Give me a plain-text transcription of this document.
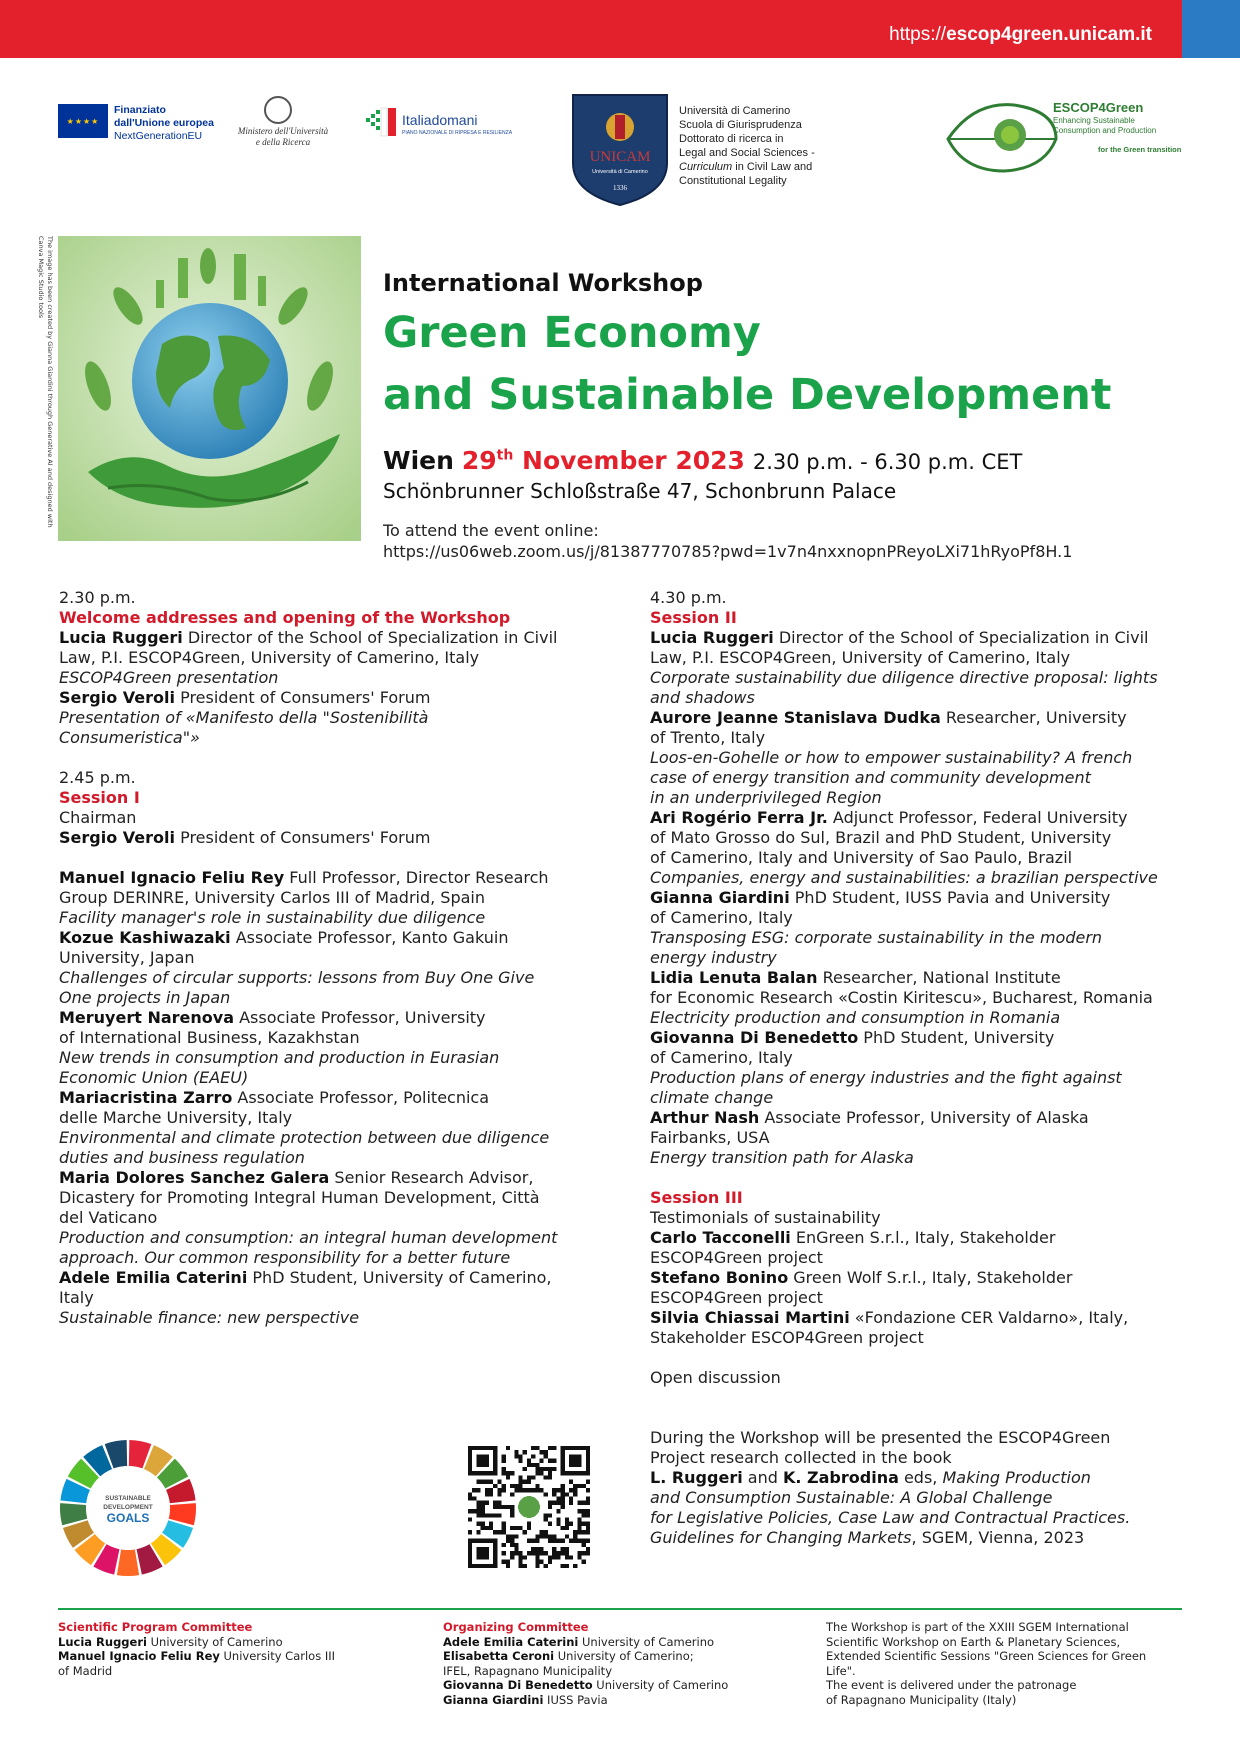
https://escop4green.unicam.it
★★★★
Finanziato
dall'Unione europea
NextGenerationEU	Ministero dell'Università
e della Ricerca
Italiadomani
PIANO NAZIONALE DI RIPRESA E RESILIENZA
UNICAM
Università di Camerino
1336
Università di Camerino
Scuola di Giurisprudenza
Dottorato di ricerca in
Legal and Social Sciences -
Curriculum in Civil Law and
Constitutional Legality
ESCOP4Green
Enhancing Sustainable
Consumption and Production
for the Green transition
The image has been created by Gianna Giardini through Generative AI and designed with Canva Magic Studio tools	International Workshop
Green Economy
and Sustainable Development
Wien 29th November 2023 2.30 p.m. - 6.30 p.m. CET
Schönbrunner Schloßstraße 47, Schonbrunn Palace
To attend the event online:
https://us06web.zoom.us/j/81387770785?pwd=1v7n4nxxnopnPReyoLXi71hRyoPf8H.1

2.30 p.m.

Welcome addresses and opening of the Workshop

Lucia Ruggeri Director of the School of Specialization in Civil

Law, P.I. ESCOP4Green, University of Camerino, Italy

ESCOP4Green presentation

Sergio Veroli President of Consumers' Forum

Presentation of «Manifesto della "Sostenibilità

Consumeristica"»

2.45 p.m.

Session I

Chairman

Sergio Veroli President of Consumers' Forum

Manuel Ignacio Feliu Rey Full Professor, Director Research

Group DERINRE, University Carlos III of Madrid, Spain

Facility manager's role in sustainability due diligence

Kozue Kashiwazaki Associate Professor, Kanto Gakuin

University, Japan

Challenges of circular supports: lessons from Buy One Give

One projects in Japan

Meruyert Narenova Associate Professor, University

of International Business, Kazakhstan

New trends in consumption and production in Eurasian

Economic Union (EAEU)

Mariacristina Zarro Associate Professor, Politecnica

delle Marche University, Italy

Environmental and climate protection between due diligence

duties and business regulation

Maria Dolores Sanchez Galera Senior Research Advisor,

Dicastery for Promoting Integral Human Development, Città

del Vaticano

Production and consumption: an integral human development

approach. Our common responsibility for a better future

Adele Emilia Caterini PhD Student, University of Camerino,

Italy

Sustainable finance: new perspective

4.30 p.m.

Session II

Lucia Ruggeri Director of the School of Specialization in Civil

Law, P.I. ESCOP4Green, University of Camerino, Italy

Corporate sustainability due diligence directive proposal: lights

and shadows

Aurore Jeanne Stanislava Dudka Researcher, University

of Trento, Italy

Loos-en-Gohelle or how to empower sustainability? A french

case of energy transition and community development

in an underprivileged Region

Ari Rogério Ferra Jr. Adjunct Professor, Federal University

of Mato Grosso do Sul, Brazil and PhD Student, University

of Camerino, Italy and University of Sao Paulo, Brazil

Companies, energy and sustainabilities: a brazilian perspective

Gianna Giardini PhD Student, IUSS Pavia and University

of Camerino, Italy

Transposing ESG: corporate sustainability in the modern

energy industry

Lidia Lenuta Balan Researcher, National Institute

for Economic Research «Costin Kiritescu», Bucharest, Romania

Electricity production and consumption in Romania

Giovanna Di Benedetto PhD Student, University

of Camerino, Italy

Production plans of energy industries and the fight against

climate change

Arthur Nash Associate Professor, University of Alaska

Fairbanks, USA

Energy transition path for Alaska

Session III

Testimonials of sustainability

Carlo Tacconelli EnGreen S.r.l., Italy, Stakeholder

ESCOP4Green project

Stefano Bonino Green Wolf S.r.l., Italy, Stakeholder

ESCOP4Green project

Silvia Chiassai Martini «Fondazione CER Valdarno», Italy,

Stakeholder ESCOP4Green project

Open discussion

SUSTAINABLE
DEVELOPMENT
GOALS

During the Workshop will be presented the ESCOP4Green

Project research collected in the book

L. Ruggeri and K. Zabrodina eds, Making Production

and Consumption Sustainable: A Global Challenge

for Legislative Policies, Case Law and Contractual Practices.

Guidelines for Changing Markets, SGEM, Vienna, 2023

Scientific Program Committee

Lucia Ruggeri University of Camerino

Manuel Ignacio Feliu Rey University Carlos III

of Madrid

Organizing Committee

Adele Emilia Caterini University of Camerino

Elisabetta Ceroni University of Camerino;

IFEL, Rapagnano Municipality

Giovanna Di Benedetto University of Camerino

Gianna Giardini IUSS Pavia

The Workshop is part of the XXIII SGEM International

Scientific Workshop on Earth & Planetary Sciences,

Extended Scientific Sessions "Green Sciences for Green

Life".

The event is delivered under the patronage

of Rapagnano Municipality (Italy)
